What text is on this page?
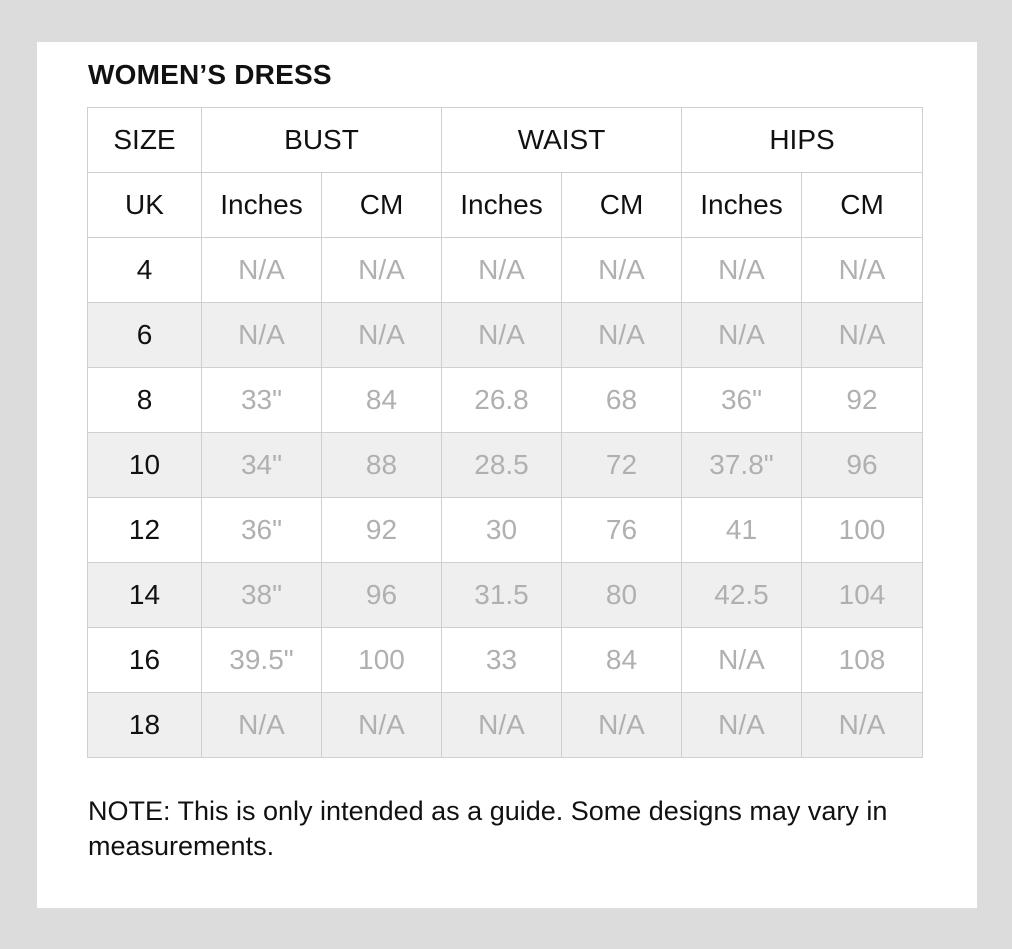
WOMEN’S DRESS
SIZE	BUST		WAIST		HIPS	
UK	Inches	CM	Inches	CM	Inches	CM
4	N/A	N/A	N/A	N/A	N/A	N/A
6	N/A	N/A	N/A	N/A	N/A	N/A
8	33"	84	26.8	68	36"	92
10	34"	88	28.5	72	37.8"	96
12	36"	92	30	76	41	100
14	38"	96	31.5	80	42.5	104
16	39.5"	100	33	84	N/A	108
18	N/A	N/A	N/A	N/A	N/A	N/A

NOTE: This is only intended as a guide. Some designs may vary in measurements.
